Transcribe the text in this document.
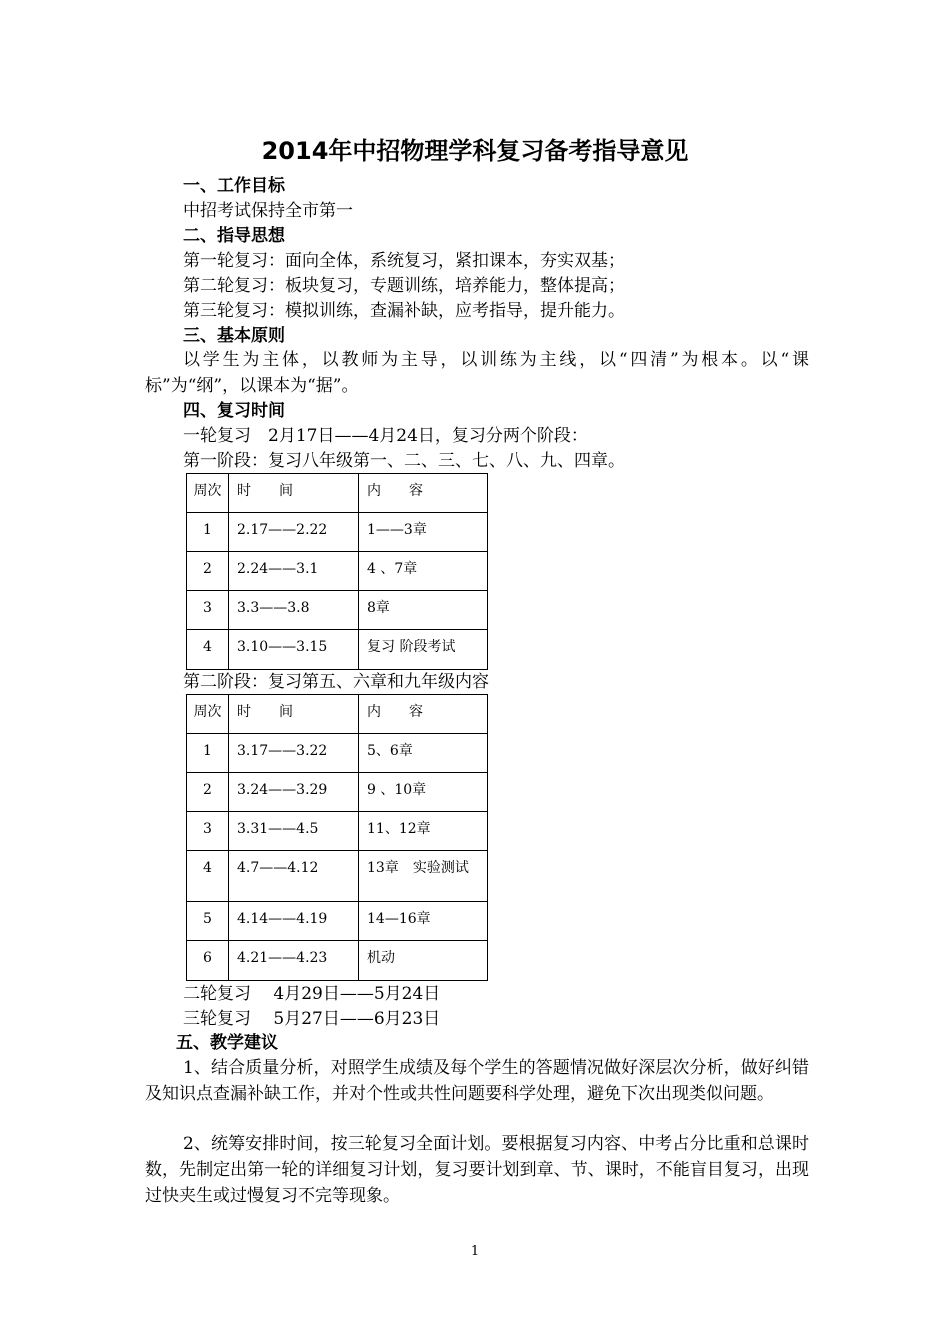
2014年中招物理学科复习备考指导意见
一、工作目标
中招考试保持全市第一
二、指导思想
第一轮复习：面向全体，系统复习，紧扣课本，夯实双基；
第二轮复习：板块复习，专题训练，培养能力，整体提高；
第三轮复习：模拟训练，查漏补缺，应考指导，提升能力。
三、基本原则
以学生为主体，以教师为主导，以训练为主线，以“四清”为根本。以“课标”为“纲”，以课本为“据”。
四、复习时间
一轮复习　2月17日——4月24日，复习分两个阶段：
第一阶段：复习八年级第一、二、三、七、八、九、四章。
周次	时　　间	内　　容
1	2.17——2.22	1——3章
2	2.24——3.1	4 、7章
3	3.3——3.8	8章
4	3.10——3.15	复习 阶段考试
第二阶段：复习第五、六章和九年级内容
周次	时　　间	内　　容
1	3.17——3.22	5、6章
2	3.24——3.29	9 、10章
3	3.31——4.5	11、12章
4	4.7——4.12	13章　实验测试
5	4.14——4.19	14—16章
6	4.21——4.23	机动
二轮复习　 4月29日——5月24日
三轮复习　 5月27日——6月23日
五、教学建议
1、结合质量分析，对照学生成绩及每个学生的答题情况做好深层次分析，做好纠错及知识点查漏补缺工作，并对个性或共性问题要科学处理，避免下次出现类似问题。
2、统筹安排时间，按三轮复习全面计划。要根据复习内容、中考占分比重和总课时数，先制定出第一轮的详细复习计划，复习要计划到章、节、课时，不能盲目复习，出现过快夹生或过慢复习不完等现象。
1
